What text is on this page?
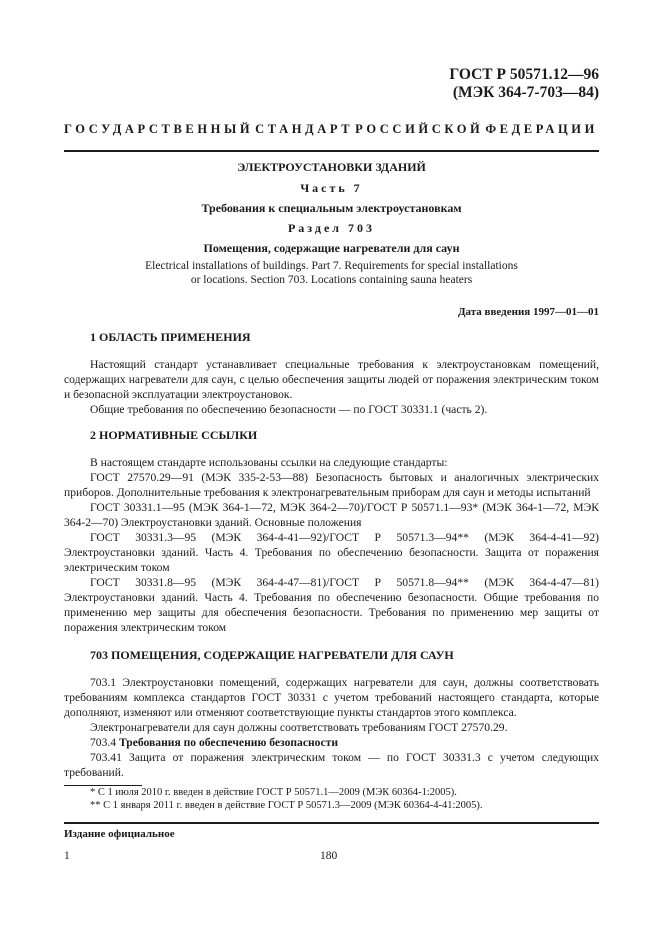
ГОСТ Р 50571.12—96
(МЭК 364-7-703—84)
ГОСУДАРСТВЕННЫЙ СТАНДАРТ РОССИЙСКОЙ ФЕДЕРАЦИИ
ЭЛЕКТРОУСТАНОВКИ ЗДАНИЙ
Часть 7
Требования к специальным электроустановкам
Раздел 703
Помещения, содержащие нагреватели для саун
Electrical installations of buildings. Part 7. Requirements for special installations
or locations. Section 703. Locations containing sauna heaters
Дата введения 1997—01—01
1 ОБЛАСТЬ ПРИМЕНЕНИЯ
Настоящий стандарт устанавливает специальные требования к электроустановкам помещений, содержащих нагреватели для саун, с целью обеспечения защиты людей от поражения электрическим током и безопасной эксплуатации электроустановок.
Общие требования по обеспечению безопасности — по ГОСТ 30331.1 (часть 2).
2 НОРМАТИВНЫЕ ССЫЛКИ
В настоящем стандарте использованы ссылки на следующие стандарты:
ГОСТ 27570.29—91 (МЭК 335-2-53—88) Безопасность бытовых и аналогичных электрических приборов. Дополнительные требования к электронагревательным приборам для саун и методы испытаний
ГОСТ 30331.1—95 (МЭК 364-1—72, МЭК 364-2—70)/ГОСТ Р 50571.1—93* (МЭК 364-1—72, МЭК 364-2—70) Электроустановки зданий. Основные положения
ГОСТ 30331.3—95 (МЭК 364-4-41—92)/ГОСТ Р 50571.3—94** (МЭК 364-4-41—92) Электроустановки зданий. Часть 4. Требования по обеспечению безопасности. Защита от поражения электрическим током
ГОСТ 30331.8—95 (МЭК 364-4-47—81)/ГОСТ Р 50571.8—94** (МЭК 364-4-47—81) Электроустановки зданий. Часть 4. Требования по обеспечению безопасности. Общие требования по применению мер защиты для обеспечения безопасности. Требования по применению мер защиты от поражения электрическим током
703 ПОМЕЩЕНИЯ, СОДЕРЖАЩИЕ НАГРЕВАТЕЛИ ДЛЯ САУН
703.1 Электроустановки помещений, содержащих нагреватели для саун, должны соответствовать требованиям комплекса стандартов ГОСТ 30331 с учетом требований настоящего стандарта, которые дополняют, изменяют или отменяют соответствующие пункты стандартов этого комплекса.
Электронагреватели для саун должны соответствовать требованиям ГОСТ 27570.29.
703.4 Требования по обеспечению безопасности
703.41 Защита от поражения электрическим током — по ГОСТ 30331.3 с учетом следующих требований.
* С 1 июля 2010 г. введен в действие ГОСТ Р 50571.1—2009 (МЭК 60364-1:2005).
** С 1 января 2011 г. введен в действие ГОСТ Р 50571.3—2009 (МЭК 60364-4-41:2005).
Издание официальное
1	180
